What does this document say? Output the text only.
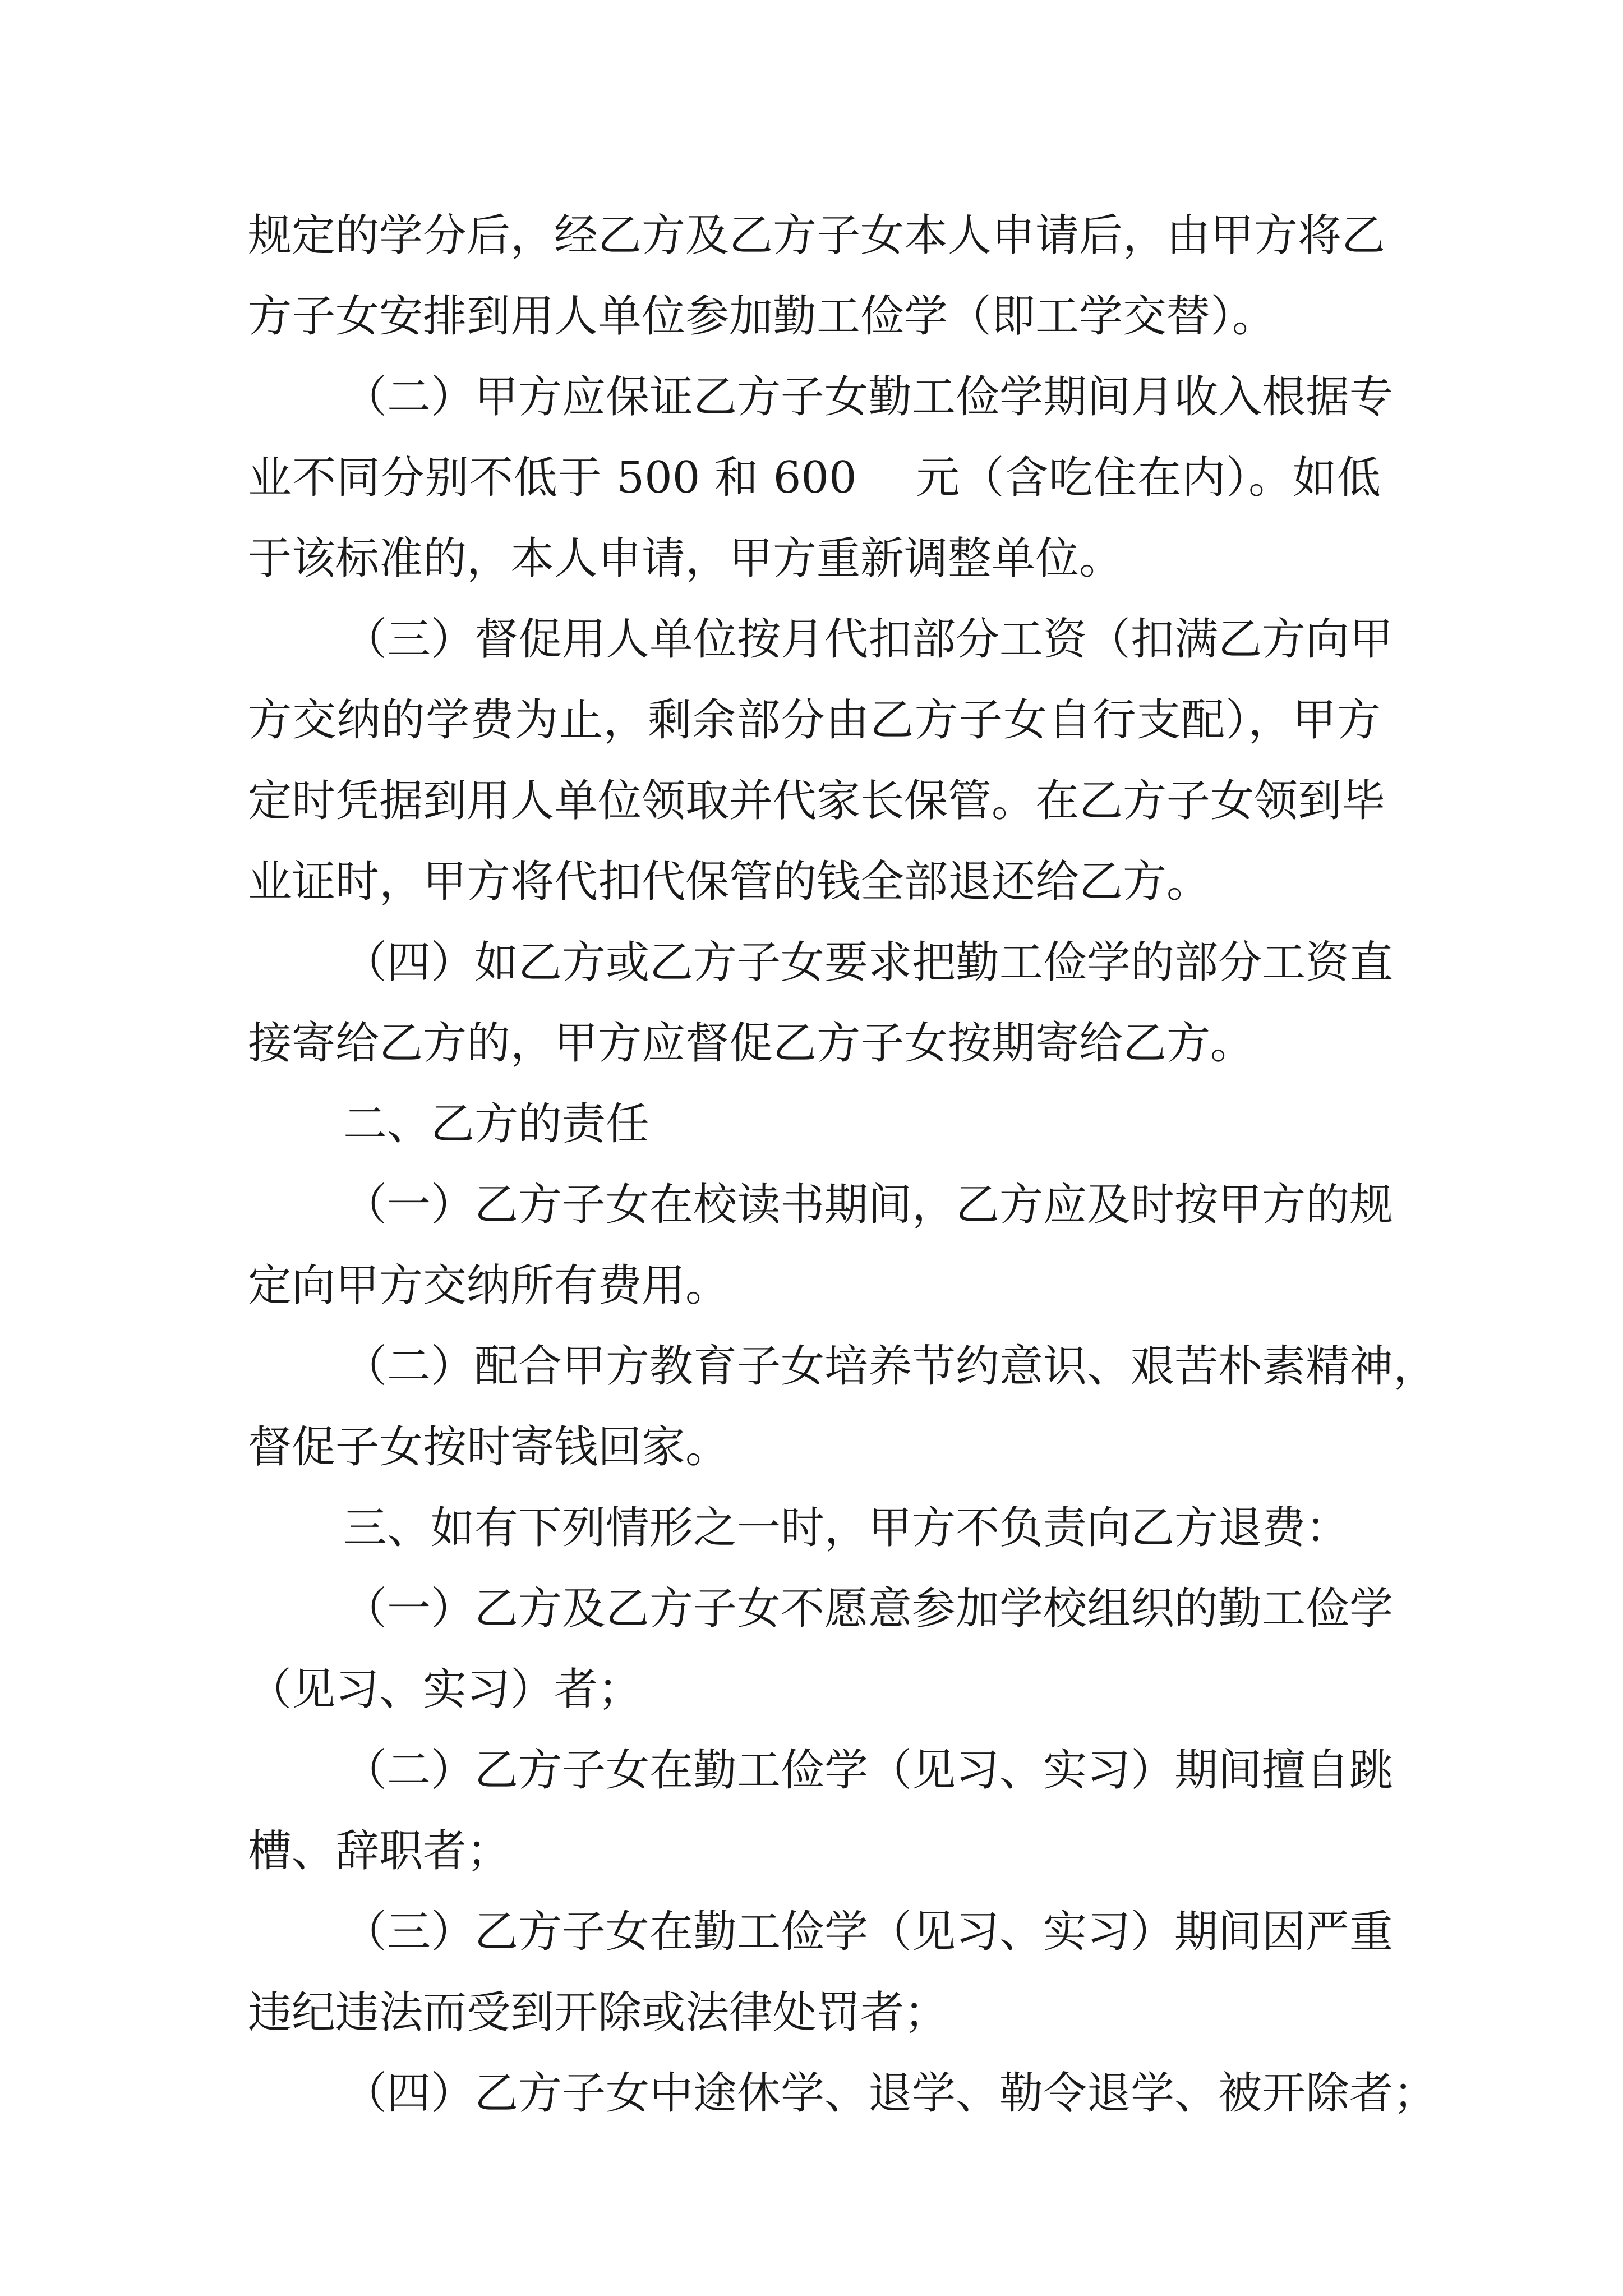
规定的学分后，经乙方及乙方子女本人申请后，由甲方将乙
方子女安排到用人单位参加勤工俭学（即工学交替）。
（二）甲方应保证乙方子女勤工俭学期间月收入根据专
业不同分别不低于 500 和 600　 元（含吃住在内）。如低
于该标准的，本人申请，甲方重新调整单位。
（三）督促用人单位按月代扣部分工资（扣满乙方向甲
方交纳的学费为止，剩余部分由乙方子女自行支配），甲方
定时凭据到用人单位领取并代家长保管。在乙方子女领到毕
业证时，甲方将代扣代保管的钱全部退还给乙方。
（四）如乙方或乙方子女要求把勤工俭学的部分工资直
接寄给乙方的，甲方应督促乙方子女按期寄给乙方。
二、乙方的责任
（一）乙方子女在校读书期间，乙方应及时按甲方的规
定向甲方交纳所有费用。
（二）配合甲方教育子女培养节约意识、艰苦朴素精神，
督促子女按时寄钱回家。
三、如有下列情形之一时，甲方不负责向乙方退费：
（一）乙方及乙方子女不愿意参加学校组织的勤工俭学
（见习、实习）者；
（二）乙方子女在勤工俭学（见习、实习）期间擅自跳
槽、辞职者；
（三）乙方子女在勤工俭学（见习、实习）期间因严重
违纪违法而受到开除或法律处罚者；
（四）乙方子女中途休学、退学、勒令退学、被开除者；
